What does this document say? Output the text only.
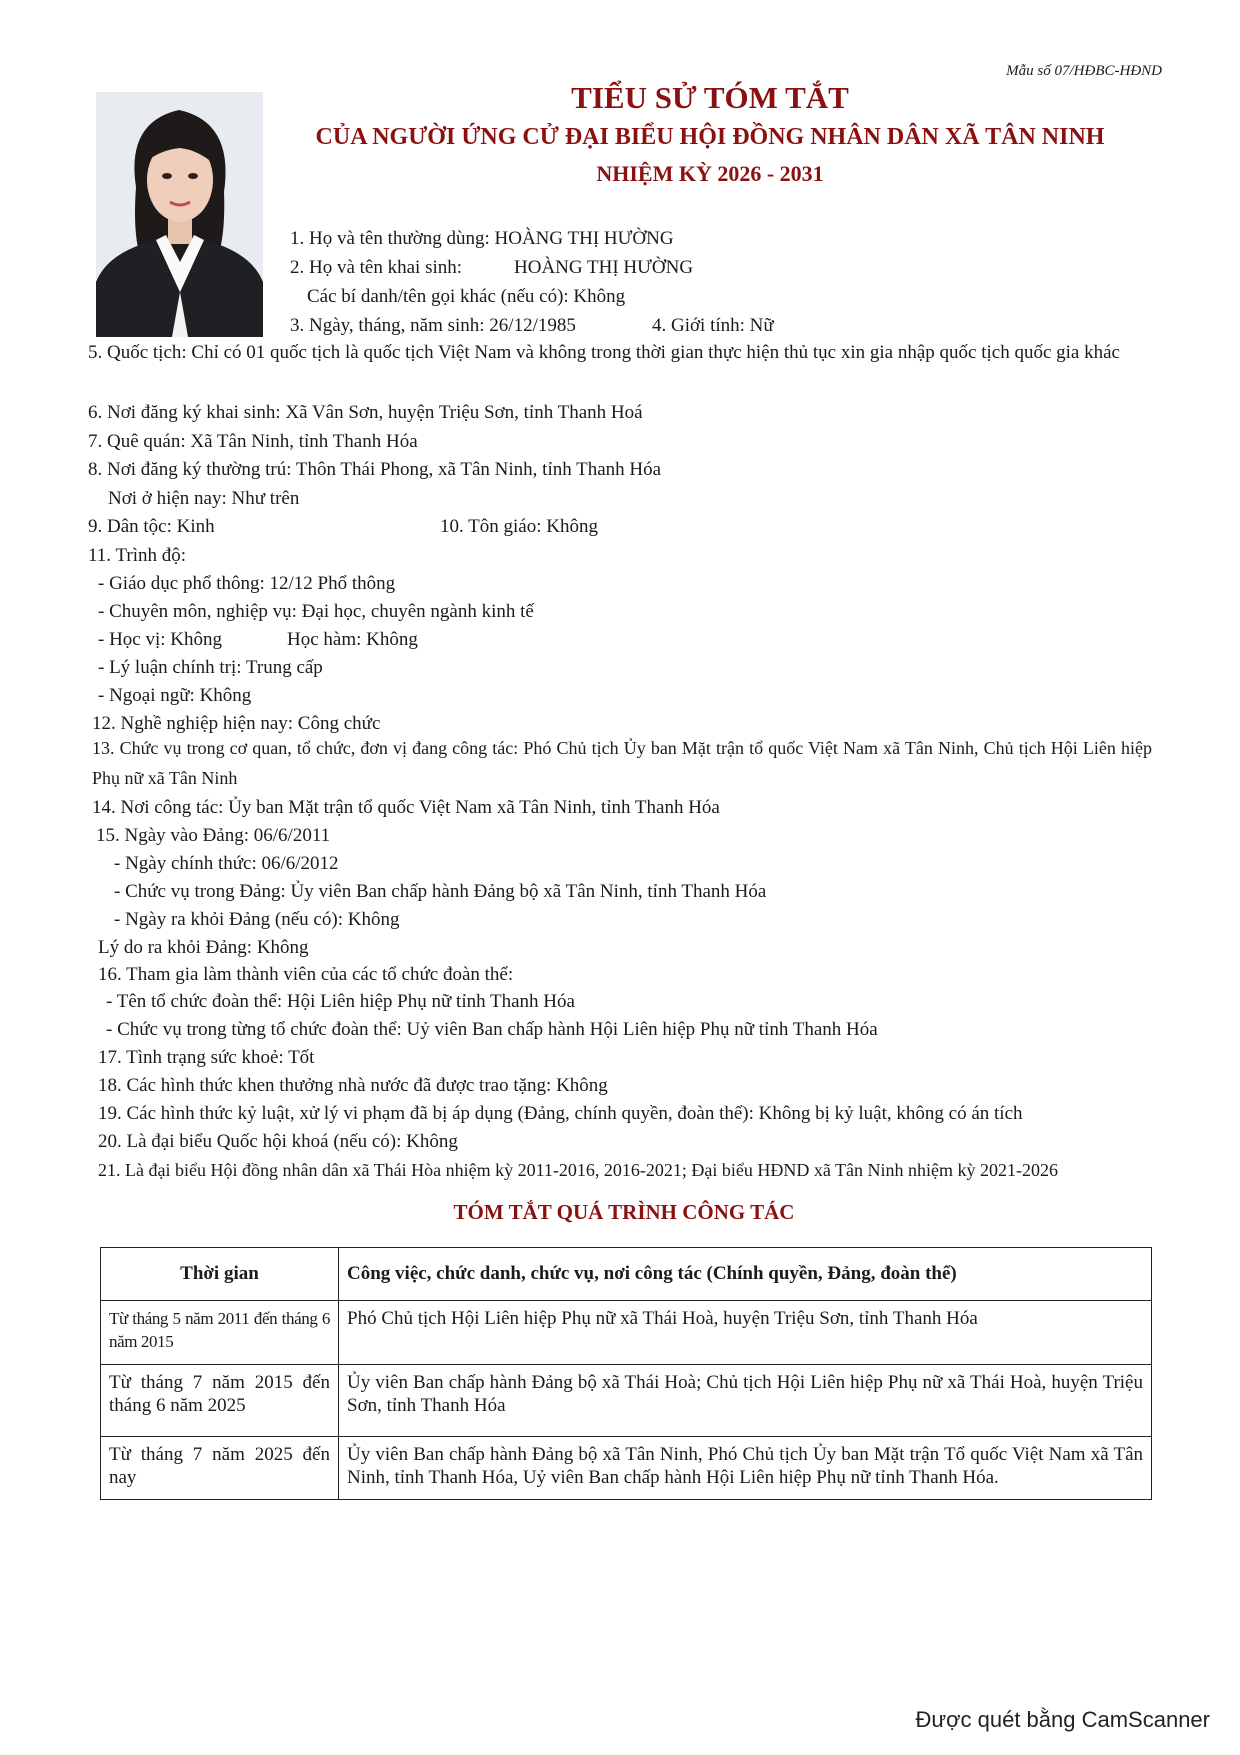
Mẫu số 07/HĐBC-HĐND
TIỂU SỬ TÓM TẮT
CỦA NGƯỜI ỨNG CỬ ĐẠI BIỂU HỘI ĐỒNG NHÂN DÂN XÃ TÂN NINH
NHIỆM KỲ 2026 - 2031
1. Họ và tên thường dùng: HOÀNG THỊ HƯỜNG
2. Họ và tên khai sinh:	HOÀNG THỊ HƯỜNG
Các bí danh/tên gọi khác (nếu có): Không
3. Ngày, tháng, năm sinh: 26/12/1985	4. Giới tính: Nữ
5. Quốc tịch: Chỉ có 01 quốc tịch là quốc tịch Việt Nam và không trong thời gian thực hiện thủ tục xin gia nhập quốc tịch quốc gia khác
6. Nơi đăng ký khai sinh: Xã Vân Sơn, huyện Triệu Sơn, tỉnh Thanh Hoá
7. Quê quán: Xã Tân Ninh, tỉnh Thanh Hóa
8. Nơi đăng ký thường trú: Thôn Thái Phong, xã Tân Ninh, tỉnh Thanh Hóa
Nơi ở hiện nay: Như trên
9. Dân tộc: Kinh	10. Tôn giáo: Không
11. Trình độ:
- Giáo dục phổ thông: 12/12 Phổ thông
- Chuyên môn, nghiệp vụ: Đại học, chuyên ngành kinh tế
- Học vị: Không	Học hàm: Không
- Lý luận chính trị: Trung cấp
- Ngoại ngữ: Không
12. Nghề nghiệp hiện nay: Công chức
13. Chức vụ trong cơ quan, tổ chức, đơn vị đang công tác: Phó Chủ tịch Ủy ban Mặt trận tổ quốc Việt Nam xã Tân Ninh, Chủ tịch Hội Liên hiệp Phụ nữ xã Tân Ninh
14. Nơi công tác: Ủy ban Mặt trận tổ quốc Việt Nam xã Tân Ninh, tỉnh Thanh Hóa
15. Ngày vào Đảng: 06/6/2011
- Ngày chính thức: 06/6/2012
- Chức vụ trong Đảng: Ủy viên Ban chấp hành Đảng bộ xã Tân Ninh, tỉnh Thanh Hóa
- Ngày ra khỏi Đảng (nếu có): Không
Lý do ra khỏi Đảng: Không
16. Tham gia làm thành viên của các tổ chức đoàn thể:
- Tên tổ chức đoàn thể: Hội Liên hiệp Phụ nữ tỉnh Thanh Hóa
- Chức vụ trong từng tổ chức đoàn thể: Uỷ viên Ban chấp hành Hội Liên hiệp Phụ nữ tỉnh Thanh Hóa
17. Tình trạng sức khoẻ: Tốt
18. Các hình thức khen thưởng nhà nước đã được trao tặng: Không
19. Các hình thức kỷ luật, xử lý vi phạm đã bị áp dụng (Đảng, chính quyền, đoàn thể): Không bị kỷ luật, không có án tích
20. Là đại biểu Quốc hội khoá (nếu có): Không
21. Là đại biểu Hội đồng nhân dân xã Thái Hòa nhiệm kỳ 2011-2016, 2016-2021; Đại biểu HĐND xã Tân Ninh nhiệm kỳ 2021-2026
TÓM TẮT QUÁ TRÌNH CÔNG TÁC
Thời gian	Công việc, chức danh, chức vụ, nơi công tác (Chính quyền, Đảng, đoàn thể)
Từ tháng 5 năm 2011 đến tháng 6 năm 2015	Phó Chủ tịch Hội Liên hiệp Phụ nữ xã Thái Hoà, huyện Triệu Sơn, tỉnh Thanh Hóa
Từ tháng 7 năm 2015 đến tháng 6 năm 2025	Ủy viên Ban chấp hành Đảng bộ xã Thái Hoà; Chủ tịch Hội Liên hiệp Phụ nữ xã Thái Hoà, huyện Triệu Sơn, tỉnh Thanh Hóa
Từ tháng 7 năm 2025 đến nay	Ủy viên Ban chấp hành Đảng bộ xã Tân Ninh, Phó Chủ tịch Ủy ban Mặt trận Tổ quốc Việt Nam xã Tân Ninh, tỉnh Thanh Hóa, Uỷ viên Ban chấp hành Hội Liên hiệp Phụ nữ tỉnh Thanh Hóa.
Được quét bằng CamScanner
